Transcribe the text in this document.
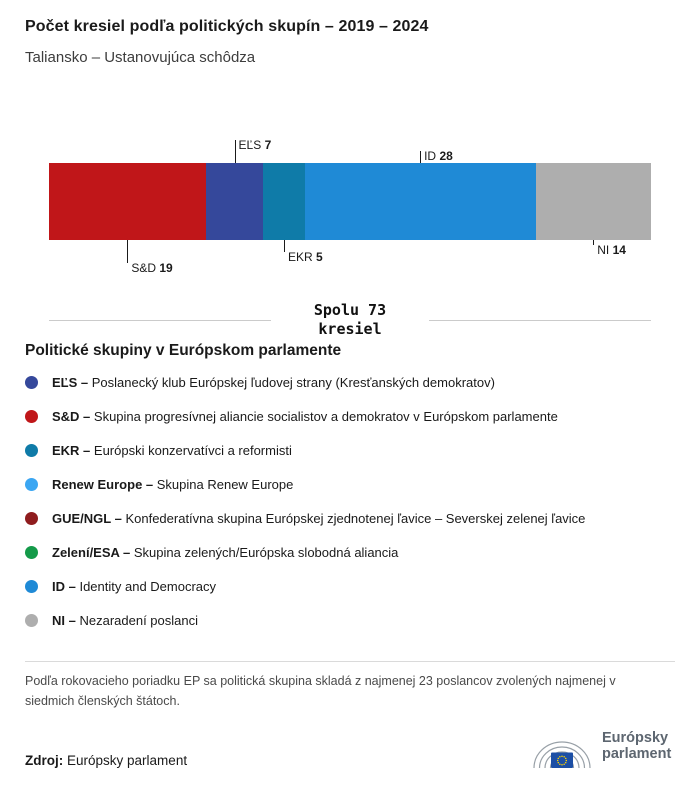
Počet kresiel podľa politických skupín – 2019 – 2024
Taliansko – Ustanovujúca schôdza
Spolu 73
kresiel
S&D 19
EĽS 7
EKR 5
ID 28
NI 14
Politické skupiny v Európskom parlamente
EĽS – Poslanecký klub Európskej ľudovej strany (Kresťanských demokratov)
S&D – Skupina progresívnej aliancie socialistov a demokratov v Európskom parlamente
EKR – Európski konzervatívci a reformisti
Renew Europe – Skupina Renew Europe
GUE/NGL – Konfederatívna skupina Európskej zjednotenej ľavice – Severskej zelenej ľavice
Zelení/ESA – Skupina zelených/Európska slobodná aliancia
ID – Identity and Democracy
NI – Nezaradení poslanci

Podľa rokovacieho poriadku EP sa politická skupina skladá z najmenej 23 poslancov zvolených najmenej v siedmich členských štátoch.

Zdroj: Európsky parlament
Európsky
parlament
